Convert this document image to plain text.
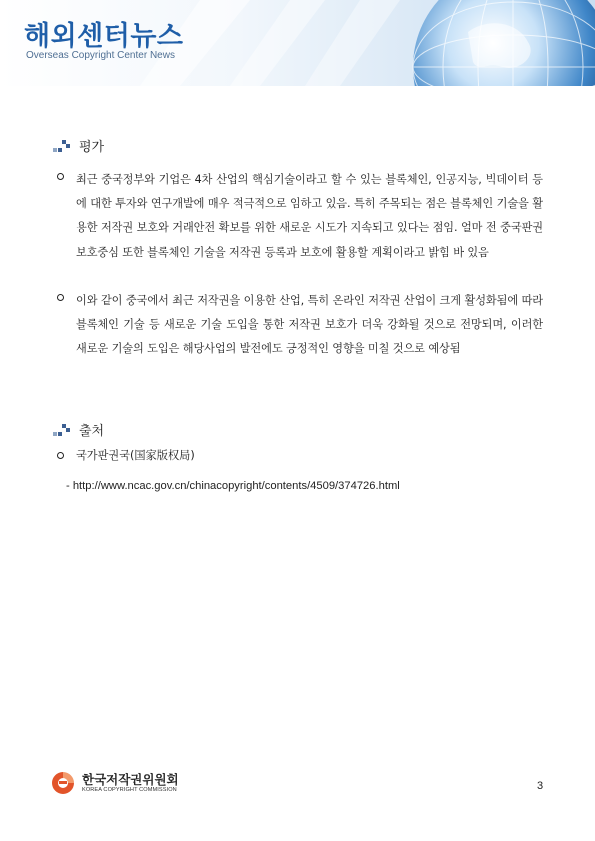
해외센터뉴스
Overseas Copyright Center News
평가
최근 중국정부와 기업은 4차 산업의 핵심기술이라고 할 수 있는 블록체인, 인공지능, 빅데이터 등에 대한 투자와 연구개발에 매우 적극적으로 임하고 있음. 특히 주목되는 점은 블록체인 기술을 활용한 저작권 보호와 거래안전 확보를 위한 새로운 시도가 지속되고 있다는 점임. 얼마 전 중국판권보호중심 또한 블록체인 기술을 저작권 등록과 보호에 활용할 계획이라고 밝힘 바 있음
이와 같이 중국에서 최근 저작권을 이용한 산업, 특히 온라인 저작권 산업이 크게 활성화됨에 따라 블록체인 기술 등 새로운 기술 도입을 통한 저작권 보호가 더욱 강화될 것으로 전망되며, 이러한 새로운 기술의 도입은 해당사업의 발전에도 긍정적인 영향을 미칠 것으로 예상됨
출처
국가판권국(国家版权局)
- http://www.ncac.gov.cn/chinacopyright/contents/4509/374726.html
한국저작권위원회
KOREA COPYRIGHT COMMISSION	3
